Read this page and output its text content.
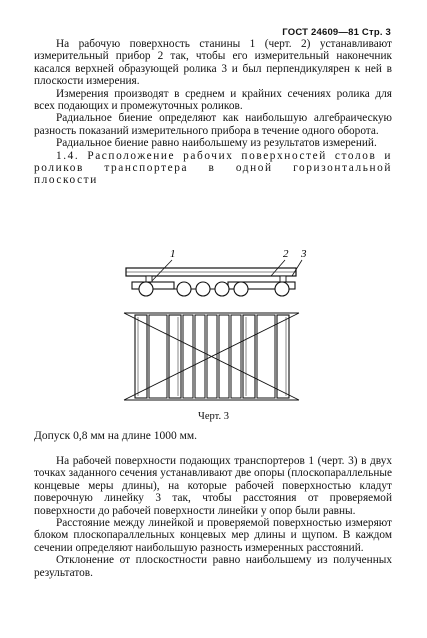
ГОСТ 24609—81 Стр. 3

На рабочую поверхность станины 1 (черт. 2) устанавливают измерительный прибор 2 так, чтобы его измерительный наконечник касался верхней образующей ролика 3 и был перпендикулярен к ней в плоскости измерения.

Измерения производят в среднем и крайних сечениях ролика для всех подающих и промежуточных роликов.

Радиальное биение определяют как наибольшую алгебраическую разность показаний измерительного прибора в течение одного оборота.

Радиальное биение равно наибольшему из результатов измерений.

1.4. Расположение рабочих поверхностей столов и роликов транспортера в одной горизонтальной плоскости

1	2 3
Черт. 3
Допуск 0,8 мм на длине 1000 мм.

На рабочей поверхности подающих транспортеров 1 (черт. 3) в двух точках заданного сечения устанавливают две опоры (плоскопараллельные концевые меры длины), на которые рабочей поверхностью кладут поверочную линейку 3 так, чтобы расстояния от проверяемой поверхности до рабочей поверхности линейки у опор были равны.

Расстояние между линейкой и проверяемой поверхностью измеряют блоком плоскопараллельных концевых мер длины и щупом. В каждом сечении определяют наибольшую разность измеренных расстояний.

Отклонение от плоскостности равно наибольшему из полученных результатов.
